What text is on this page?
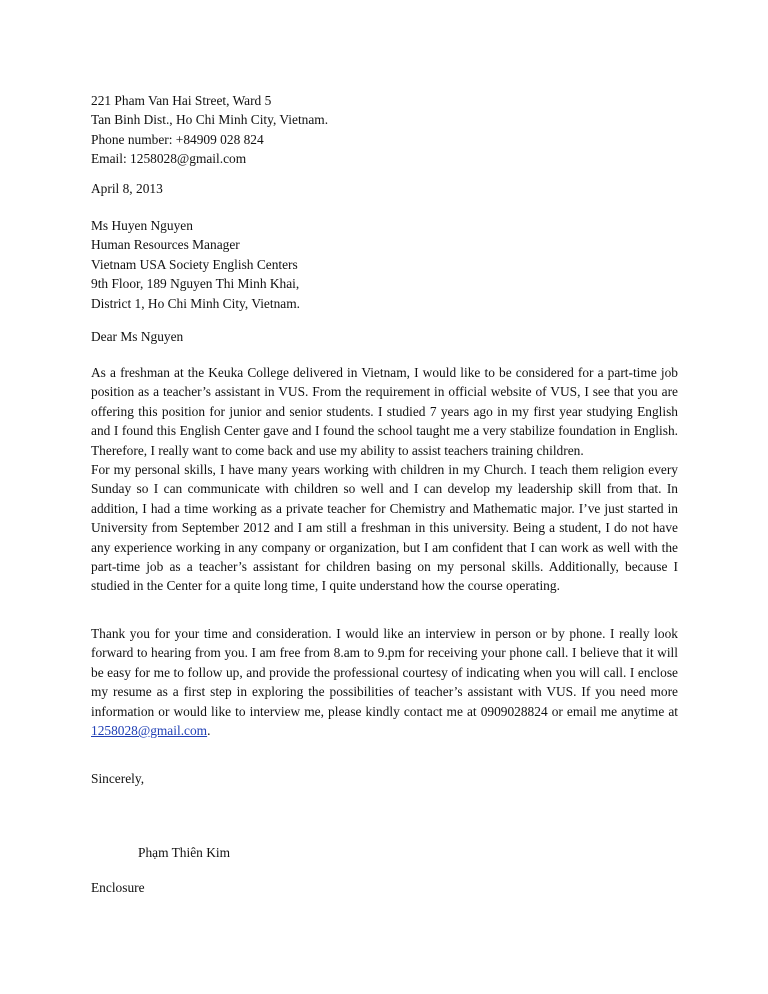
221 Pham Van Hai Street, Ward 5
Tan Binh Dist., Ho Chi Minh City, Vietnam.
Phone number: +84909 028 824
Email: 1258028@gmail.com
April 8, 2013
Ms Huyen Nguyen
Human Resources Manager
Vietnam USA Society English Centers
9th Floor, 189 Nguyen Thi Minh Khai,
District 1, Ho Chi Minh City, Vietnam.
Dear Ms Nguyen

As a freshman at the Keuka College delivered in Vietnam, I would like to be considered for a part-time job position as a teacher’s assistant in VUS. From the requirement in official website of VUS, I see that you are offering this position for junior and senior students. I studied 7 years ago in my first year studying English and I found this English Center gave and I found the school taught me a very stabilize foundation in English. Therefore, I really want to come back and use my ability to assist teachers training children.

For my personal skills, I have many years working with children in my Church. I teach them religion every Sunday so I can communicate with children so well and I can develop my leadership skill from that. In addition, I had a time working as a private teacher for Chemistry and Mathematic major. I’ve just started in University from September 2012 and I am still a freshman in this university. Being a student, I do not have any experience working in any company or organization, but I am confident that I can work as well with the part-time job as a teacher’s assistant for children basing on my personal skills. Additionally, because I studied in the Center for a quite long time, I quite understand how the course operating.

Thank you for your time and consideration. I would like an interview in person or by phone. I really look forward to hearing from you. I am free from 8.am to 9.pm for receiving your phone call. I believe that it will be easy for me to follow up, and provide the professional courtesy of indicating when you will call. I enclose my resume as a first step in exploring the possibilities of teacher’s assistant with VUS. If you need more information or would like to interview me, please kindly contact me at 0909028824 or email me anytime at 1258028@gmail.com.

Sincerely,
Phạm Thiên Kim
Enclosure
